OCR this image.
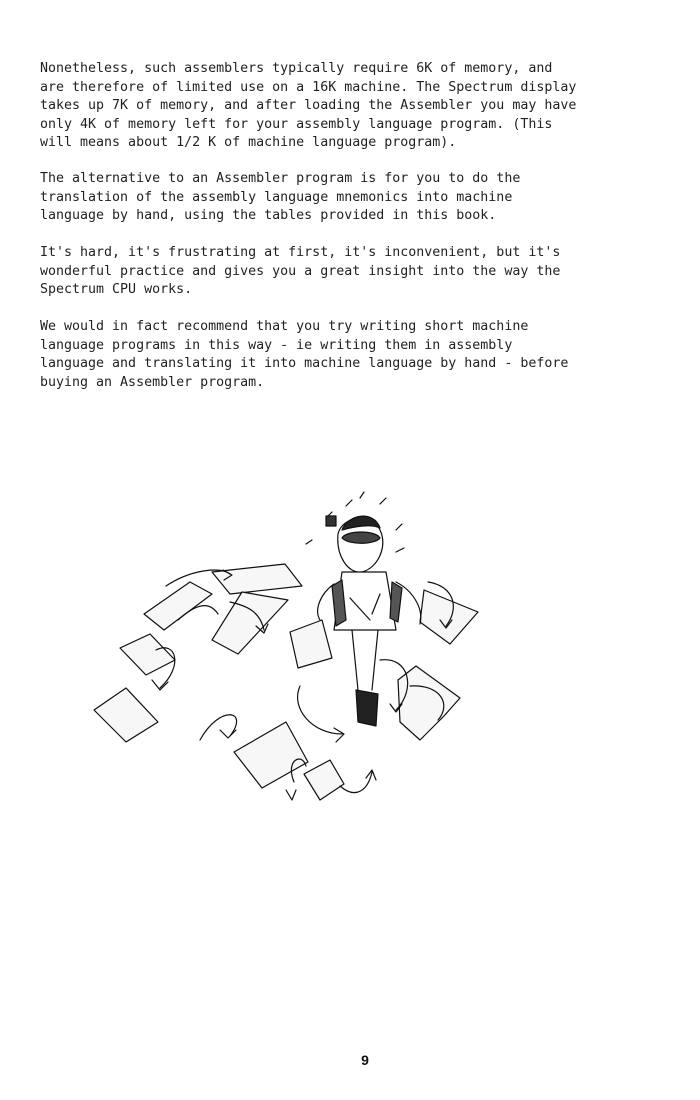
Nonetheless, such assemblers typically require 6K of memory, and
are therefore of limited use on a 16K machine. The Spectrum display
takes up 7K of memory, and after loading the Assembler you may have
only 4K of memory left for your assembly language program. (This
will means about 1/2 K of machine language program).

The alternative to an Assembler program is for you to do the
translation of the assembly language mnemonics into machine
language by hand, using the tables provided in this book.

It's hard, it's frustrating at first, it's inconvenient, but it's
wonderful practice and gives you a great insight into the way the
Spectrum CPU works.

We would in fact recommend that you try writing short machine
language programs in this way - ie writing them in assembly
language and translating it into machine language by hand - before
buying an Assembler program.

9
